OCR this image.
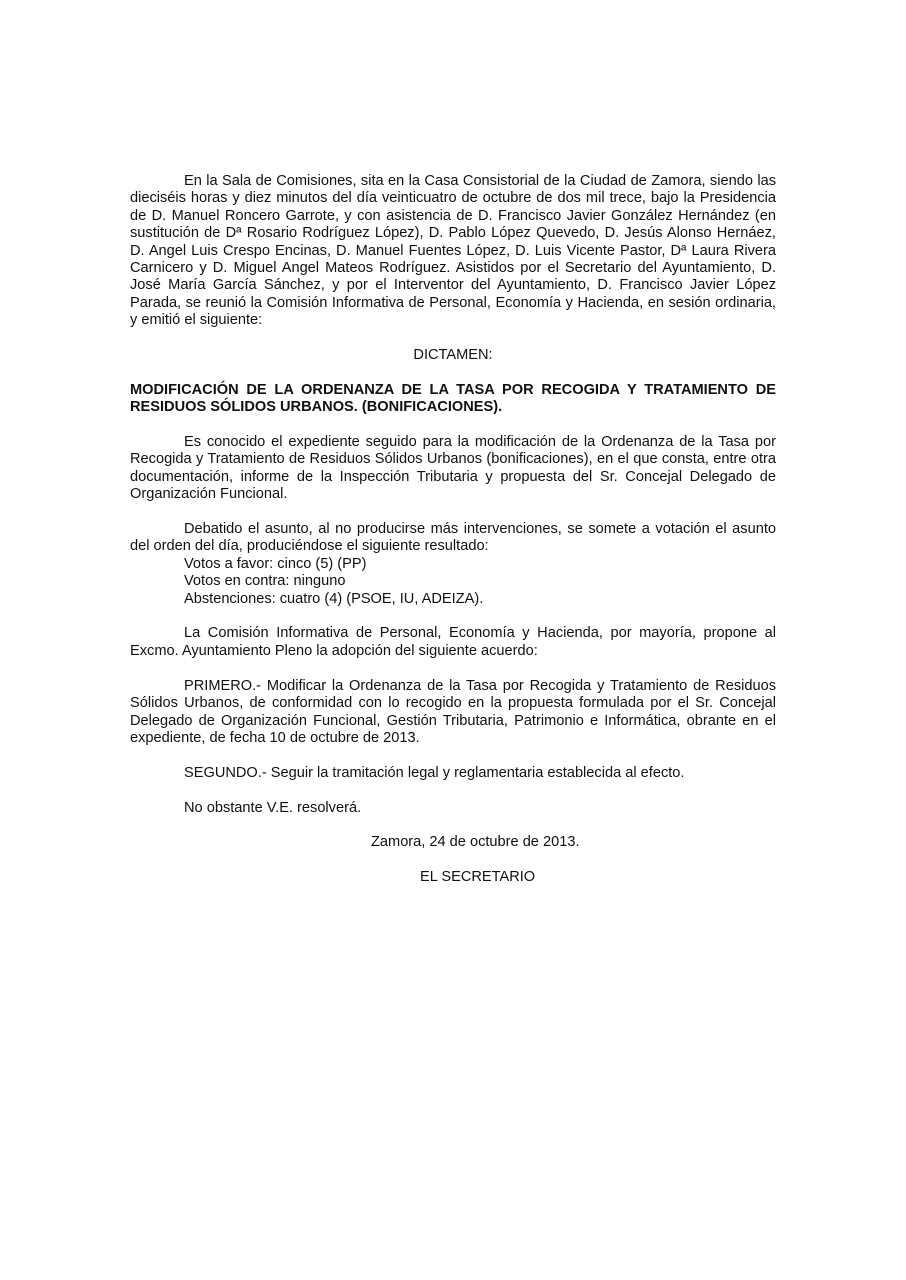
En la Sala de Comisiones, sita en la Casa Consistorial de la Ciudad de Zamora, siendo las dieciséis horas y diez minutos del día veinticuatro de octubre de dos mil trece, bajo la Presidencia de D. Manuel Roncero Garrote, y con asistencia de D. Francisco Javier González Hernández (en sustitución de Dª Rosario Rodríguez López), D. Pablo López Quevedo, D. Jesús Alonso Hernáez, D. Angel Luis Crespo Encinas, D. Manuel Fuentes López, D. Luis Vicente Pastor, Dª Laura Rivera Carnicero y D. Miguel Angel Mateos Rodríguez. Asistidos por el Secretario del Ayuntamiento, D. José María García Sánchez, y por el Interventor del Ayuntamiento, D. Francisco Javier López Parada, se reunió la Comisión Informativa de Personal, Economía y Hacienda, en sesión ordinaria, y emitió el siguiente:

DICTAMEN:

MODIFICACIÓN DE LA ORDENANZA DE LA TASA POR RECOGIDA Y TRATAMIENTO DE RESIDUOS SÓLIDOS URBANOS. (BONIFICACIONES).

Es conocido el expediente seguido para la modificación de la Ordenanza de la Tasa por Recogida y Tratamiento de Residuos Sólidos Urbanos (bonificaciones), en el que consta, entre otra documentación, informe de la Inspección Tributaria y propuesta del Sr. Concejal Delegado de Organización Funcional.

Debatido el asunto, al no producirse más intervenciones, se somete a votación el asunto del orden del día, produciéndose el siguiente resultado:

Votos a favor: cinco (5) (PP)
Votos en contra: ninguno
Abstenciones: cuatro (4) (PSOE, IU, ADEIZA).

La Comisión Informativa de Personal, Economía y Hacienda, por mayoría, propone al Excmo. Ayuntamiento Pleno la adopción del siguiente acuerdo:

PRIMERO.- Modificar la Ordenanza de la Tasa por Recogida y Tratamiento de Residuos Sólidos Urbanos, de conformidad con lo recogido en la propuesta formulada por el Sr. Concejal Delegado de Organización Funcional, Gestión Tributaria, Patrimonio e Informática, obrante en el expediente, de fecha 10 de octubre de 2013.

SEGUNDO.- Seguir la tramitación legal y reglamentaria establecida al efecto.

No obstante V.E. resolverá.

Zamora, 24 de octubre de 2013.

EL SECRETARIO
